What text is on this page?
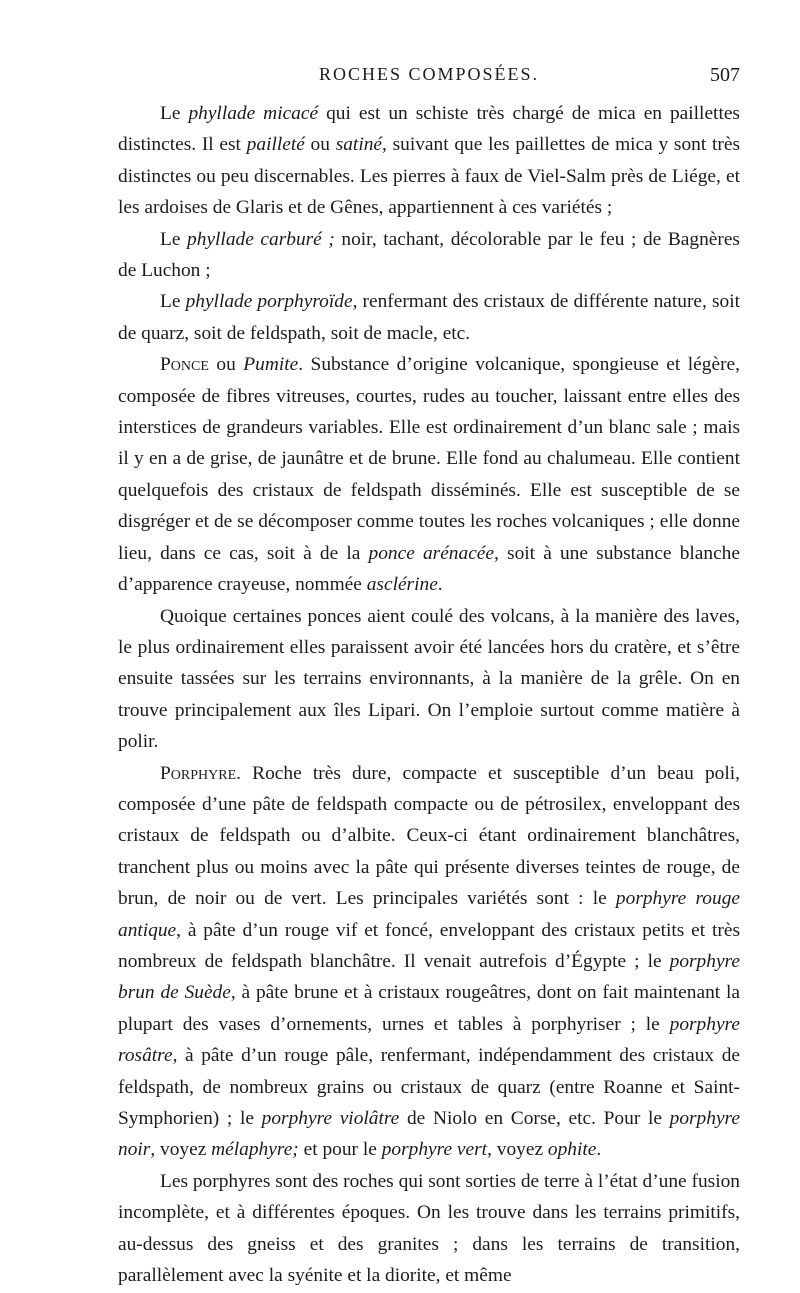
ROCHES COMPOSÉES.	507

Le phyllade micacé qui est un schiste très chargé de mica en paillettes distinctes. Il est pailleté ou satiné, suivant que les paillettes de mica y sont très distinctes ou peu discernables. Les pierres à faux de Viel-Salm près de Liége, et les ardoises de Glaris et de Gênes, appartiennent à ces variétés ;

Le phyllade carburé ; noir, tachant, décolorable par le feu ; de Bagnères de Luchon ;

Le phyllade porphyroïde, renfermant des cristaux de différente nature, soit de quarz, soit de feldspath, soit de macle, etc.

Ponce ou Pumite. Substance d’origine volcanique, spongieuse et légère, composée de fibres vitreuses, courtes, rudes au toucher, laissant entre elles des interstices de grandeurs variables. Elle est ordinairement d’un blanc sale ; mais il y en a de grise, de jaunâtre et de brune. Elle fond au chalumeau. Elle contient quelquefois des cristaux de feldspath disséminés. Elle est susceptible de se disgréger et de se décomposer comme toutes les roches volcaniques ; elle donne lieu, dans ce cas, soit à de la ponce arénacée, soit à une substance blanche d’apparence crayeuse, nommée asclérine.

Quoique certaines ponces aient coulé des volcans, à la manière des laves, le plus ordinairement elles paraissent avoir été lancées hors du cratère, et s’être ensuite tassées sur les terrains environnants, à la manière de la grêle. On en trouve principalement aux îles Lipari. On l’emploie surtout comme matière à polir.

Porphyre. Roche très dure, compacte et susceptible d’un beau poli, composée d’une pâte de feldspath compacte ou de pétrosilex, enveloppant des cristaux de feldspath ou d’albite. Ceux-ci étant ordinairement blanchâtres, tranchent plus ou moins avec la pâte qui présente diverses teintes de rouge, de brun, de noir ou de vert. Les principales variétés sont : le porphyre rouge antique, à pâte d’un rouge vif et foncé, enveloppant des cristaux petits et très nombreux de feldspath blanchâtre. Il venait autrefois d’Égypte ; le porphyre brun de Suède, à pâte brune et à cristaux rougeâtres, dont on fait maintenant la plupart des vases d’ornements, urnes et tables à porphyriser ; le porphyre rosâtre, à pâte d’un rouge pâle, renfermant, indépendamment des cristaux de feldspath, de nombreux grains ou cristaux de quarz (entre Roanne et Saint-Symphorien) ; le porphyre violâtre de Niolo en Corse, etc. Pour le porphyre noir, voyez mélaphyre; et pour le porphyre vert, voyez ophite.

Les porphyres sont des roches qui sont sorties de terre à l’état d’une fusion incomplète, et à différentes époques. On les trouve dans les terrains primitifs, au-dessus des gneiss et des granites ; dans les terrains de transition, parallèlement avec la syénite et la diorite, et même
